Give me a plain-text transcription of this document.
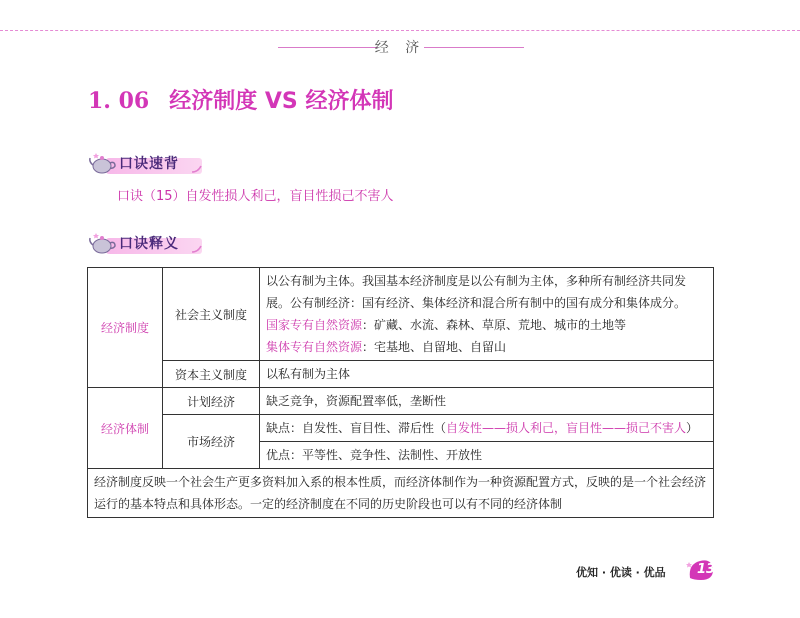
经 济
1. 06 经济制度 VS 经济体制
口诀速背
口诀（15）自发性损人利己，盲目性损己不害人
口诀释义
经济制度	社会主义制度	以公有制为主体。我国基本经济制度是以公有制为主体，多种所有制经济共同发展。公有制经济：国有经济、集体经济和混合所有制中的国有成分和集体成分。
国家专有自然资源：矿藏、水流、森林、草原、荒地、城市的土地等
集体专有自然资源：宅基地、自留地、自留山
	资本主义制度	以私有制为主体
经济体制	计划经济	缺乏竞争，资源配置率低，垄断性
	市场经济	缺点：自发性、盲目性、滞后性（自发性——损人利己，盲目性——损己不害人）
		优点：平等性、竞争性、法制性、开放性
经济制度反映一个社会生产更多资料加入系的根本性质，而经济体制作为一种资源配置方式，反映的是一个社会经济运行的基本特点和具体形态。一定的经济制度在不同的历史阶段也可以有不同的经济体制		
优知 · 优读 · 优品 13
